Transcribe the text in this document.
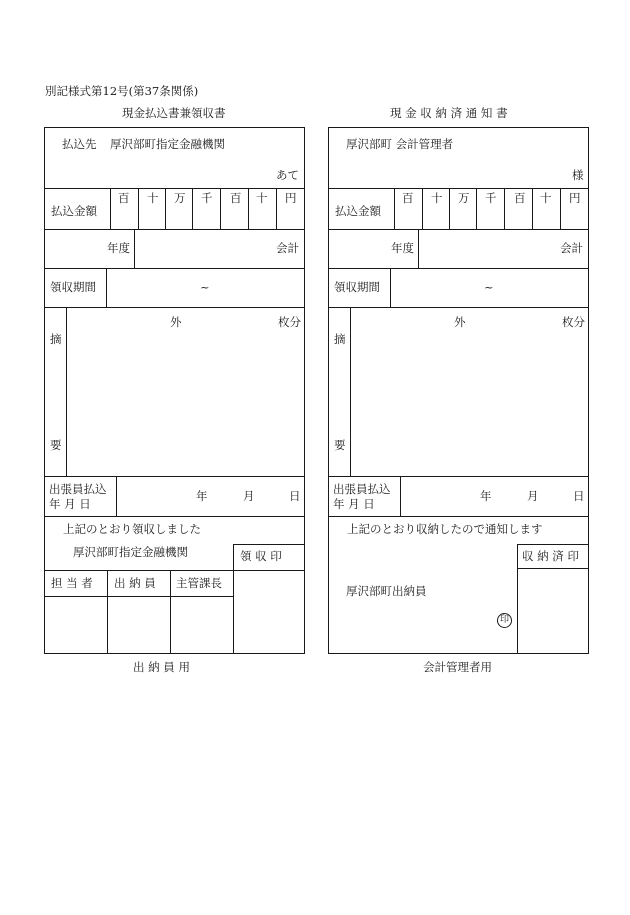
別記様式第12号(第37条関係)
現金払込書兼領収書
払込先 厚沢部町指定金融機関
あて
払込金額
百 十 万 千 百 十 円
年度	会計
領収期間	~
外	枚分
摘
要
出張員払込
年 月 日
年	月	日
上記のとおり領収しました
厚沢部町指定金融機関	領 収 印
担 当 者 出 納 員 主管課長
出 納 員 用
現 金 収 納 済 通 知 書
厚沢部町 会計管理者
様
払込金額
百 十 万 千 百 十 円
年度	会計
領収期間	~
外	枚分
摘
要
出張員払込
年 月 日
年	月	日
上記のとおり収納したので通知します
収 納 済 印
厚沢部町出納員
印
会計管理者用
